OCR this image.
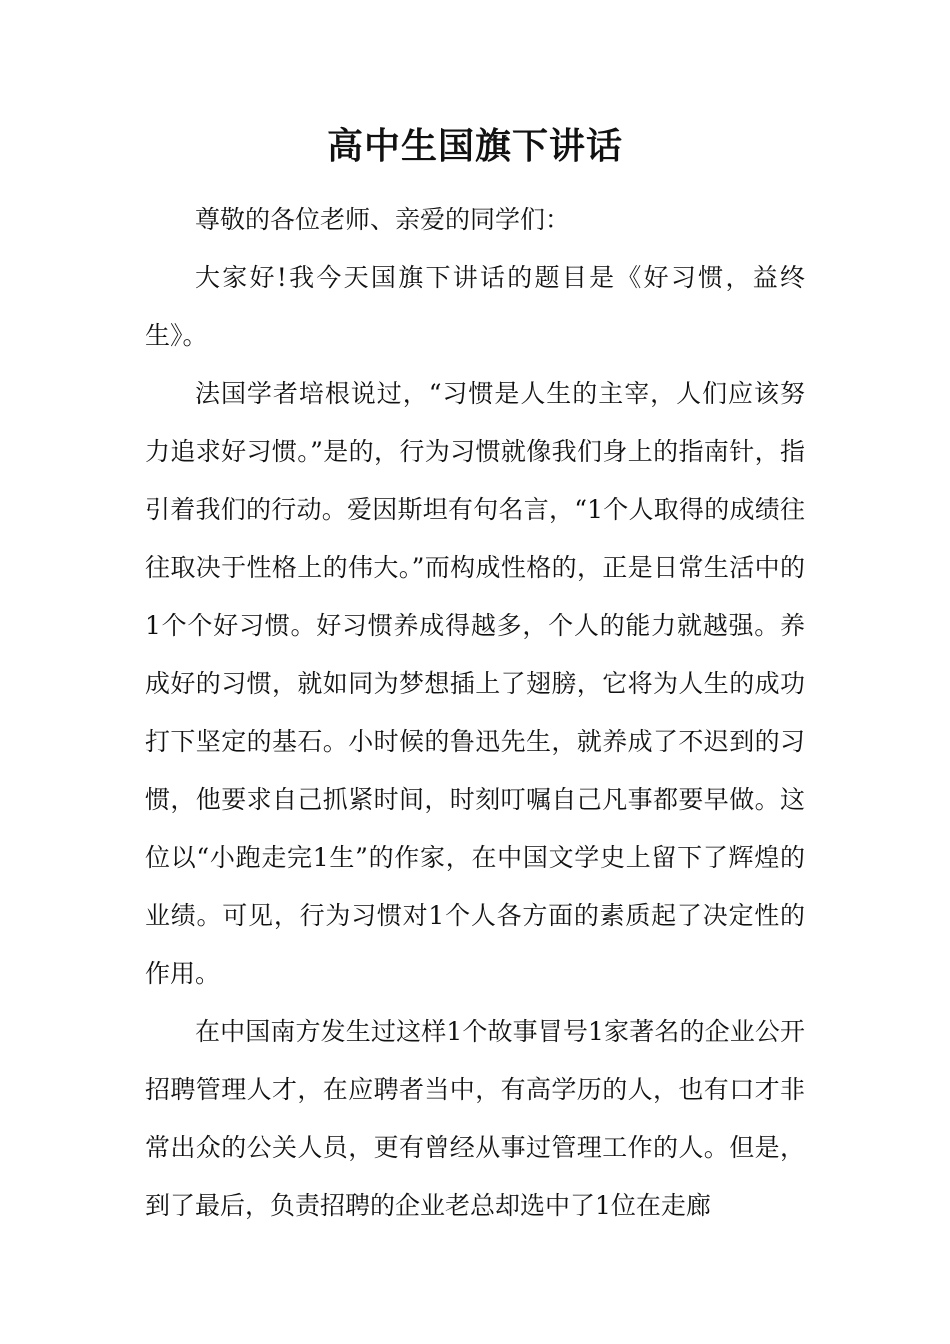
高中生国旗下讲话

尊敬的各位老师、亲爱的同学们：

大家好!我今天国旗下讲话的题目是《好习惯，益终生》。

法国学者培根说过，“习惯是人生的主宰，人们应该努力追求好习惯。”是的，行为习惯就像我们身上的指南针，指引着我们的行动。爱因斯坦有句名言，“1个人取得的成绩往往取决于性格上的伟大。”而构成性格的，正是日常生活中的1个个好习惯。好习惯养成得越多，个人的能力就越强。养成好的习惯，就如同为梦想插上了翅膀，它将为人生的成功打下坚定的基石。小时候的鲁迅先生，就养成了不迟到的习惯，他要求自己抓紧时间，时刻叮嘱自己凡事都要早做。这位以“小跑走完1生”的作家，在中国文学史上留下了辉煌的业绩。可见，行为习惯对1个人各方面的素质起了决定性的作用。

在中国南方发生过这样1个故事冒号1家著名的企业公开招聘管理人才，在应聘者当中，有高学历的人，也有口才非常出众的公关人员，更有曾经从事过管理工作的人。但是，到了最后，负责招聘的企业老总却选中了1位在走廊
